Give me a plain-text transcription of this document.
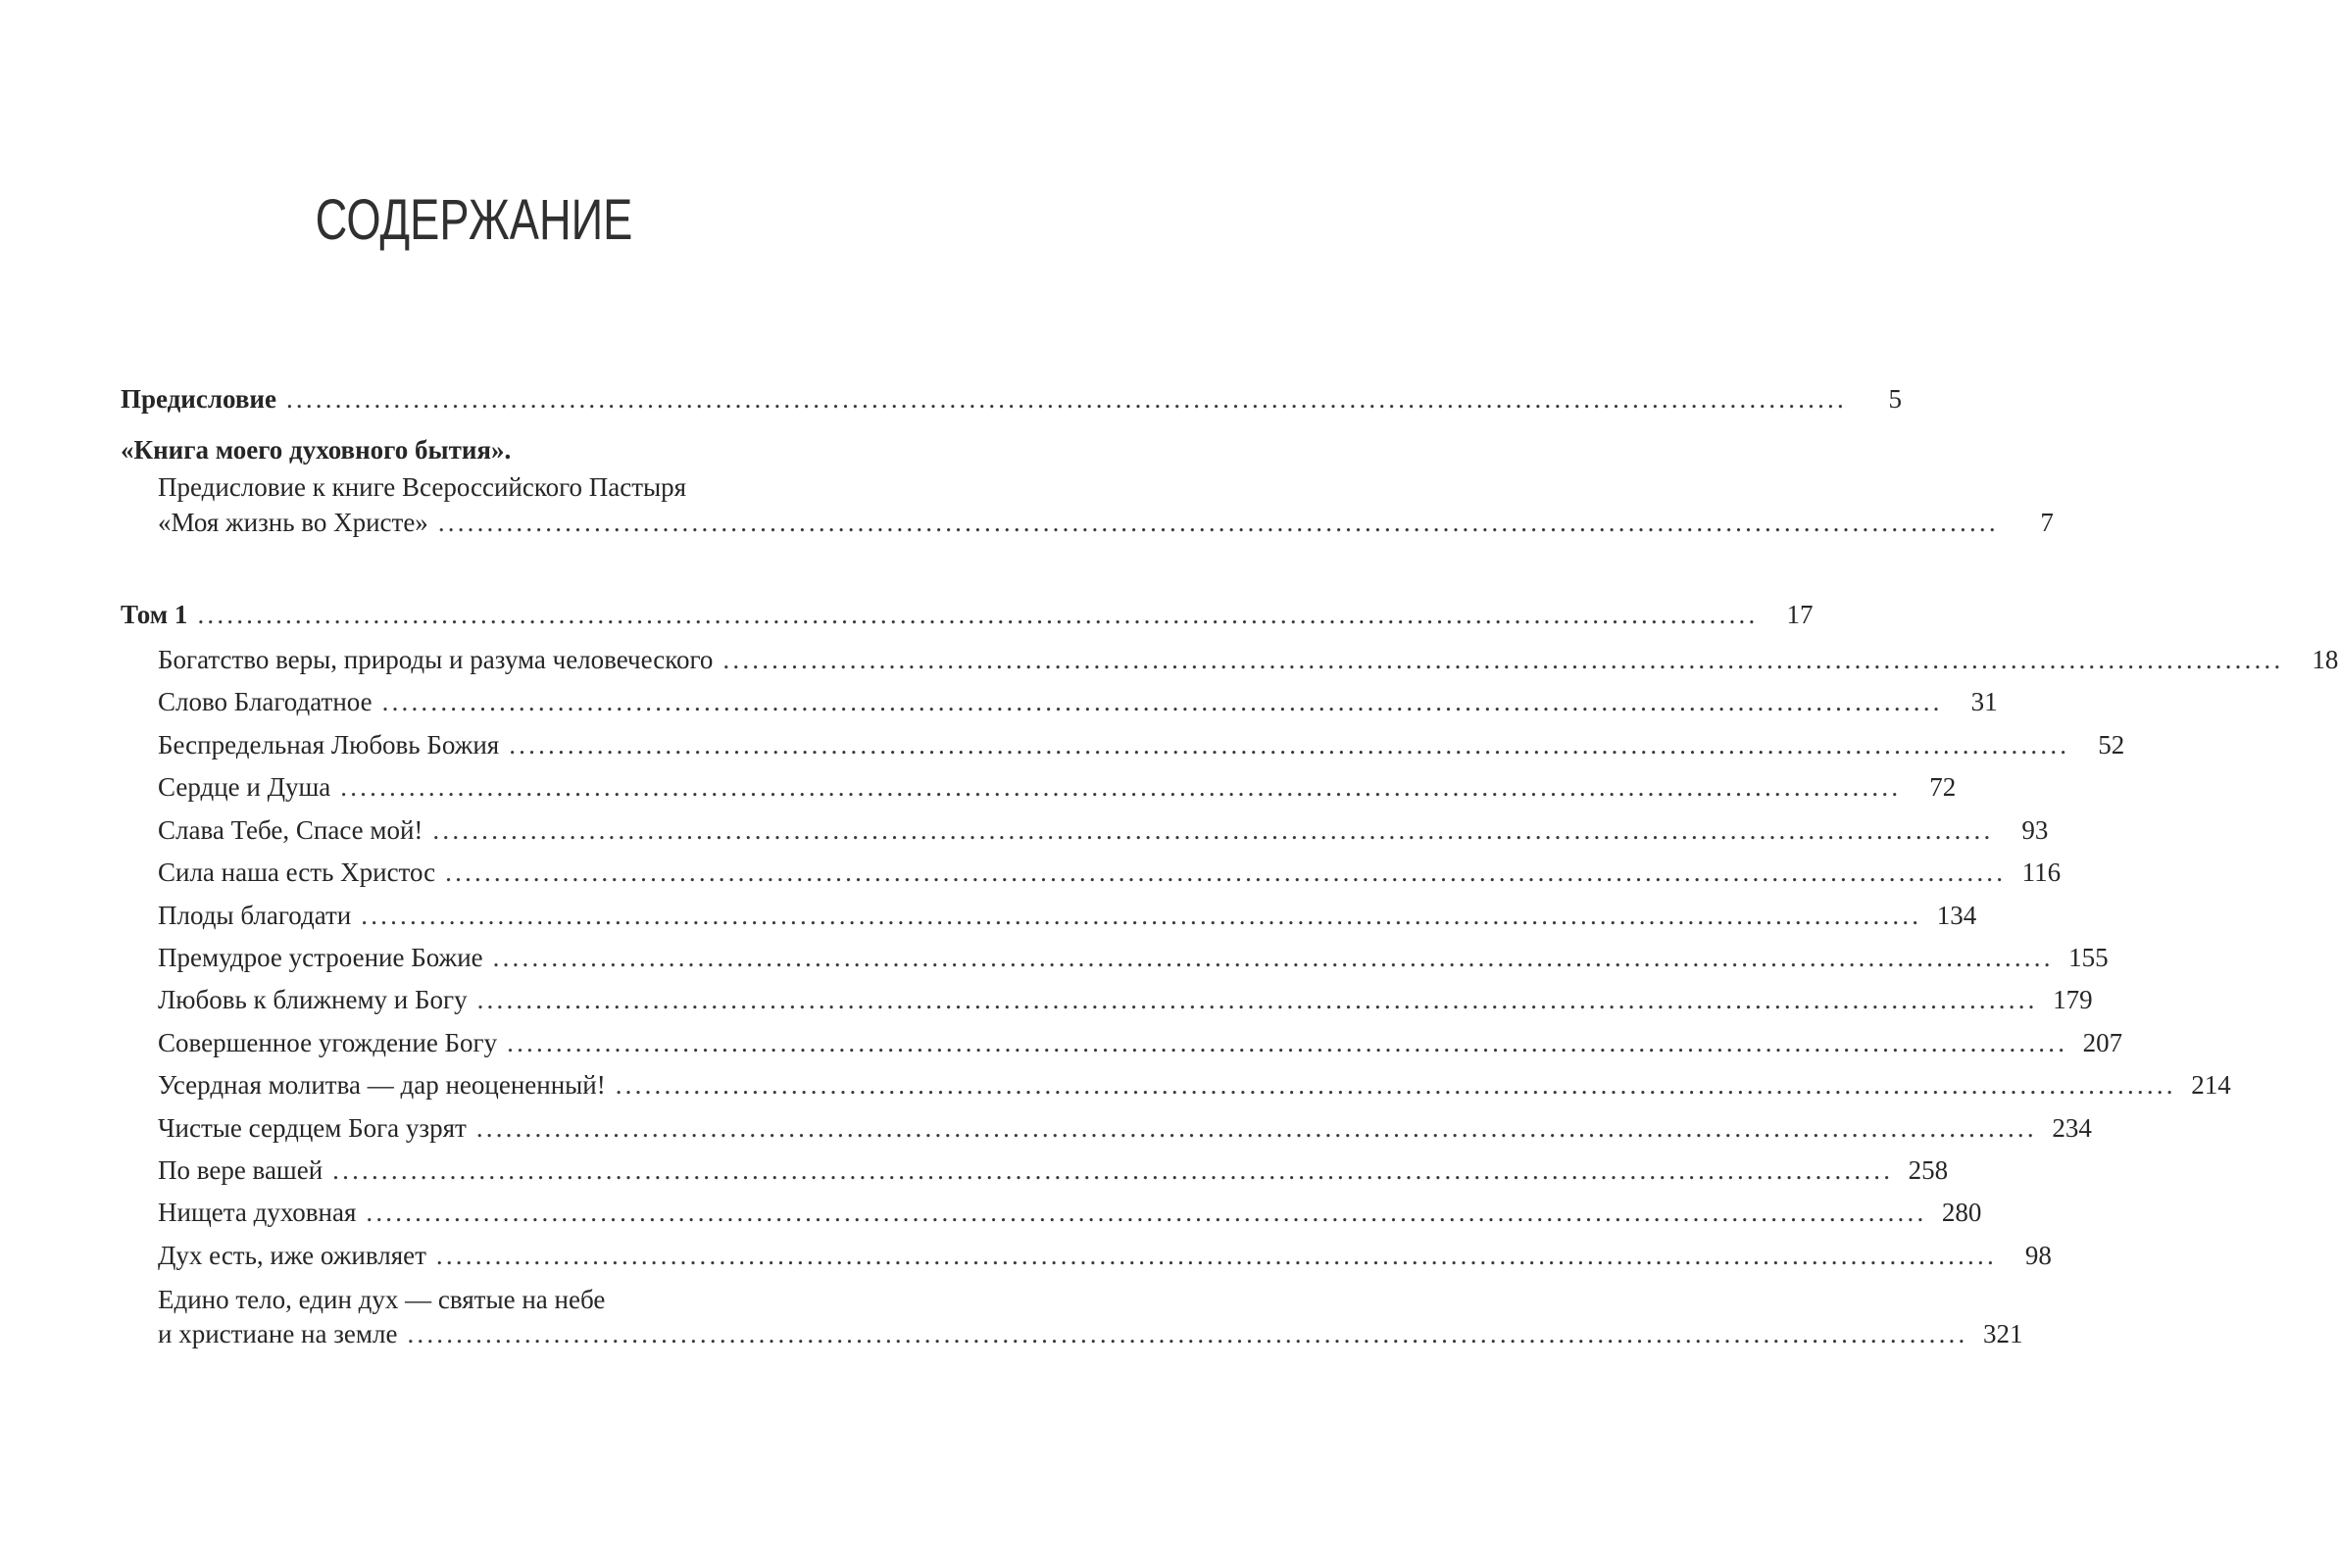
СОДЕРЖАНИЕ
Предисловие ................................................................................................................................................................	5
«Книга моего духовного бытия».
Предисловие к книге Всероссийского Пастыря
«Моя жизнь во Христе» ................................................................................................................................................................	7
Том 1 ................................................................................................................................................................	17
Богатство веры, природы и разума человеческого ................................................................................................................................................................	18
Слово Благодатное ................................................................................................................................................................	31
Беспредельная Любовь Божия ................................................................................................................................................................	52
Сердце и Душа ................................................................................................................................................................	72
Слава Тебе, Спасе мой! ................................................................................................................................................................	93
Сила наша есть Христос ................................................................................................................................................................ 116
Плоды благодати ................................................................................................................................................................ 134
Премудрое устроение Божие ................................................................................................................................................................ 155
Любовь к ближнему и Богу ................................................................................................................................................................ 179
Совершенное угождение Богу ................................................................................................................................................................ 207
Усердная молитва — дар неоцененный! ................................................................................................................................................................ 214
Чистые сердцем Бога узрят ................................................................................................................................................................ 234
По вере вашей ................................................................................................................................................................ 258
Нищета духовная ................................................................................................................................................................ 280
Дух есть, иже оживляет ................................................................................................................................................................	98
Едино тело, един дух — святые на небе
и христиане на земле ................................................................................................................................................................ 321
